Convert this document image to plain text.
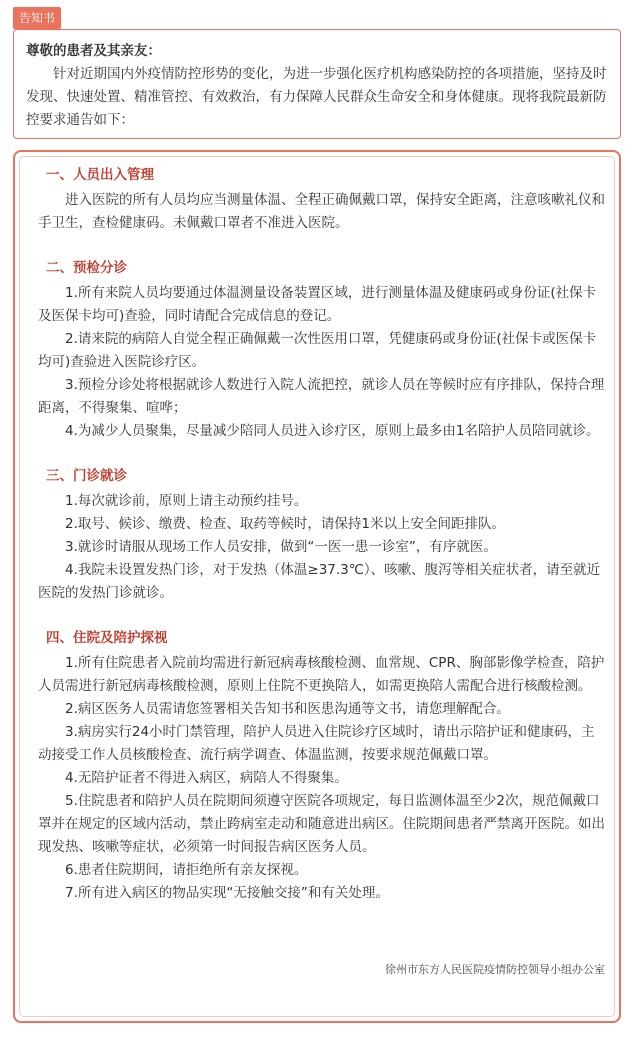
告知书

尊敬的患者及其亲友：

针对近期国内外疫情防控形势的变化，为进一步强化医疗机构感染防控的各项措施，坚持及时发现、快速处置、精准管控、有效救治，有力保障人民群众生命安全和身体健康。现将我院最新防控要求通告如下：

一、人员出入管理

进入医院的所有人员均应当测量体温、全程正确佩戴口罩，保持安全距离，注意咳嗽礼仪和手卫生，查检健康码。未佩戴口罩者不准进入医院。

二、预检分诊

1.所有来院人员均要通过体温测量设备装置区域，进行测量体温及健康码或身份证(社保卡及医保卡均可)查验，同时请配合完成信息的登记。

2.请来院的病陪人自觉全程正确佩戴一次性医用口罩，凭健康码或身份证(社保卡或医保卡均可)查验进入医院诊疗区。

3.预检分诊处将根据就诊人数进行入院人流把控，就诊人员在等候时应有序排队，保持合理距离，不得聚集、喧哗；

4.为减少人员聚集，尽量减少陪同人员进入诊疗区，原则上最多由1名陪护人员陪同就诊。

三、门诊就诊

1.每次就诊前，原则上请主动预约挂号。

2.取号、候诊、缴费、检查、取药等候时，请保持1米以上安全间距排队。

3.就诊时请服从现场工作人员安排，做到“一医一患一诊室”，有序就医。

4.我院未设置发热门诊，对于发热（体温≥37.3℃）、咳嗽、腹泻等相关症状者，请至就近医院的发热门诊就诊。

四、住院及陪护探视

1.所有住院患者入院前均需进行新冠病毒核酸检测、血常规、CPR、胸部影像学检查，陪护人员需进行新冠病毒核酸检测，原则上住院不更换陪人，如需更换陪人需配合进行核酸检测。

2.病区医务人员需请您签署相关告知书和医患沟通等文书，请您理解配合。

3.病房实行24小时门禁管理，陪护人员进入住院诊疗区域时，请出示陪护证和健康码，主动接受工作人员核酸检查、流行病学调查、体温监测，按要求规范佩戴口罩。

4.无陪护证者不得进入病区，病陪人不得聚集。

5.住院患者和陪护人员在院期间须遵守医院各项规定，每日监测体温至少2次，规范佩戴口罩并在规定的区域内活动，禁止跨病室走动和随意进出病区。住院期间患者严禁离开医院。如出现发热、咳嗽等症状，必须第一时间报告病区医务人员。

6.患者住院期间，请拒绝所有亲友探视。

7.所有进入病区的物品实现“无接触交接”和有关处理。

徐州市东方人民医院疫情防控领导小组办公室
